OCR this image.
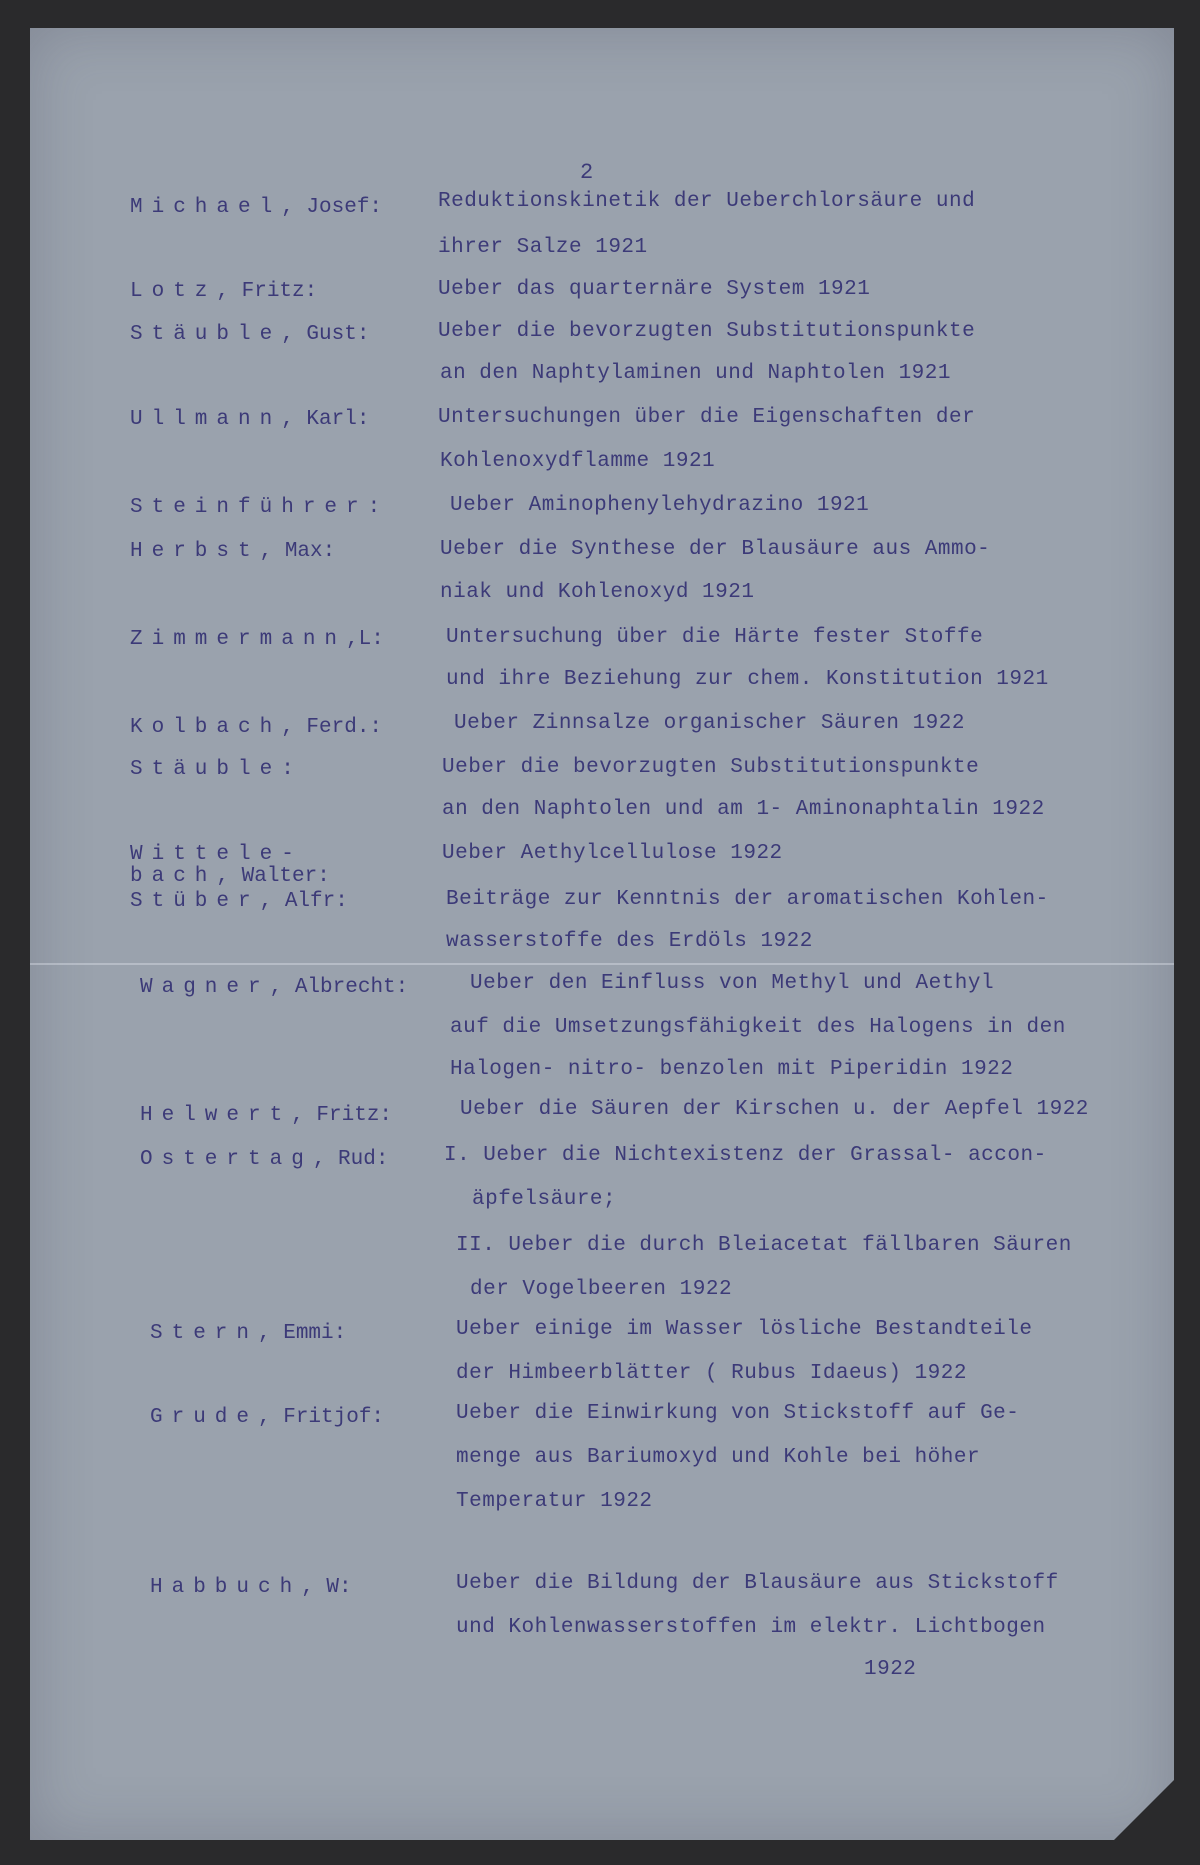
2
Michael, Josef:	Reduktionskinetik der Ueberchlorsäure und
ihrer Salze 1921
Lotz, Fritz:	Ueber das quarternäre System 1921
Stäuble, Gust:	Ueber die bevorzugten Substitutionspunkte
an den Naphtylaminen und Naphtolen 1921
Ullmann, Karl:	Untersuchungen über die Eigenschaften der
Kohlenoxydflamme 1921
Steinführer:	Ueber Aminophenylehydrazino 1921
Herbst, Max:	Ueber die Synthese der Blausäure aus Ammo-
niak und Kohlenoxyd 1921
Zimmermann,L:	Untersuchung über die Härte fester Stoffe
und ihre Beziehung zur chem. Konstitution 1921
Kolbach, Ferd.:	Ueber Zinnsalze organischer Säuren 1922
Stäuble:	Ueber die bevorzugten Substitutionspunkte
an den Naphtolen und am 1- Aminonaphtalin 1922
Wittele-	Ueber Aethylcellulose 1922
bach, Walter:
Stüber, Alfr:	Beiträge zur Kenntnis der aromatischen Kohlen-
wasserstoffe des Erdöls 1922
Wagner, Albrecht:	Ueber den Einfluss von Methyl und Aethyl
auf die Umsetzungsfähigkeit des Halogens in den
Halogen- nitro- benzolen mit Piperidin 1922
Helwert, Fritz:	Ueber die Säuren der Kirschen u. der Aepfel 1922
Ostertag, Rud:	I. Ueber die Nichtexistenz der Grassal- accon-
äpfelsäure;
II. Ueber die durch Bleiacetat fällbaren Säuren
der Vogelbeeren 1922
Stern, Emmi:	Ueber einige im Wasser lösliche Bestandteile
der Himbeerblätter ( Rubus Idaeus) 1922
Grude, Fritjof:	Ueber die Einwirkung von Stickstoff auf Ge-
menge aus Bariumoxyd und Kohle bei höher
Temperatur 1922
Habbuch, W:	Ueber die Bildung der Blausäure aus Stickstoff
und Kohlenwasserstoffen im elektr. Lichtbogen
1922
